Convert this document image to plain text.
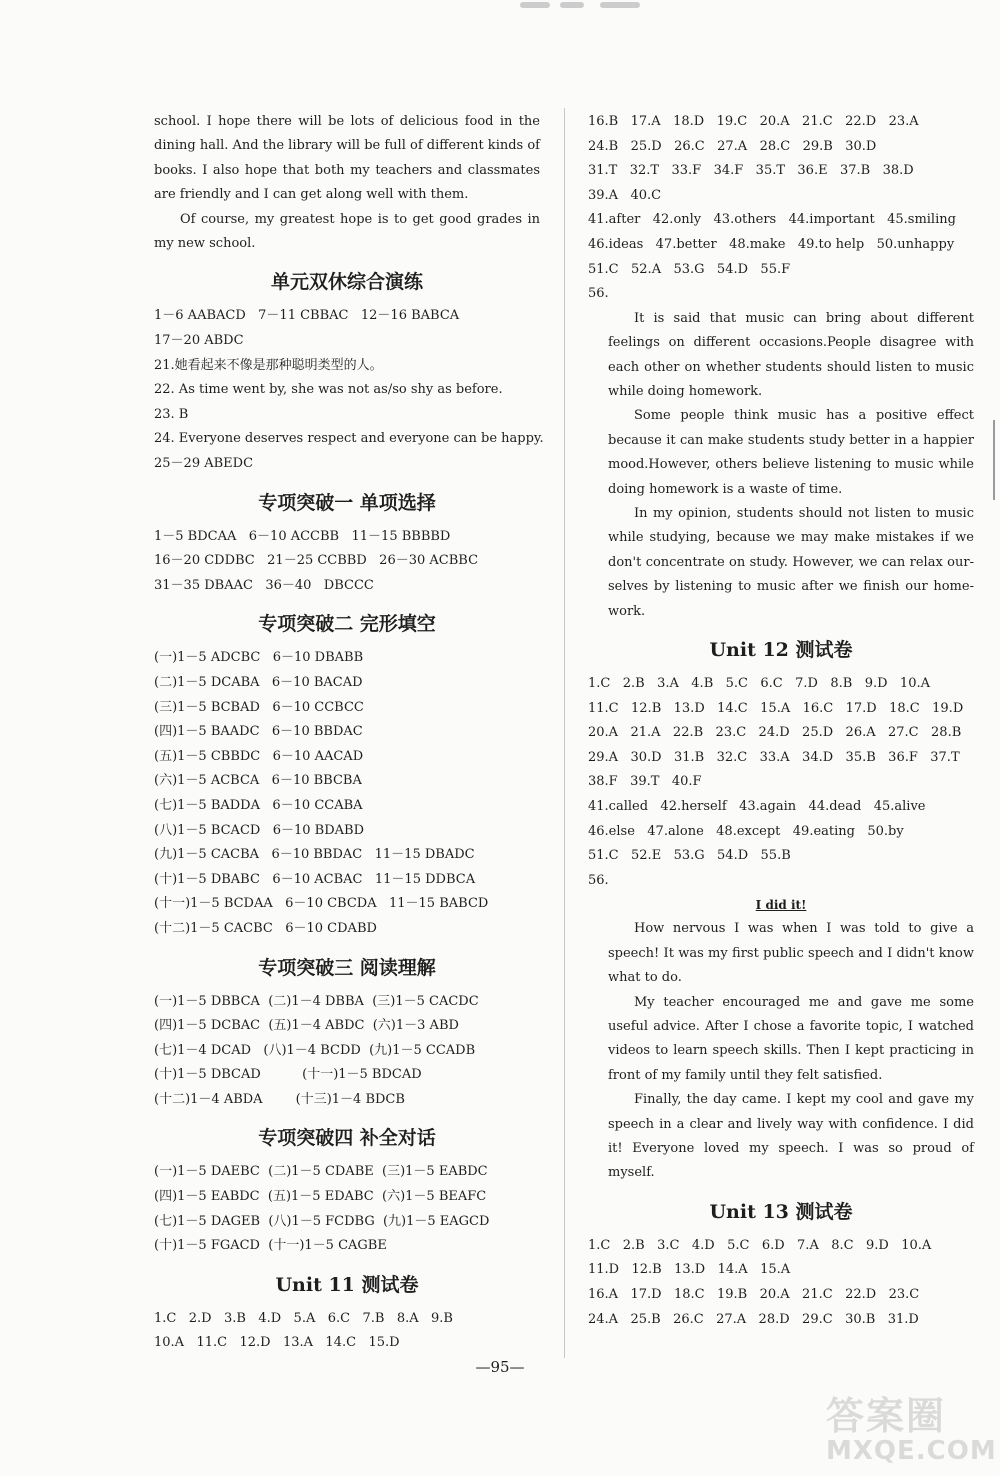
school. I hope there will be lots of delicious food in the dining hall. And the library will be full of different kinds of books. I also hope that both my teachers and classmates are friendly and I can get along well with them.
Of course, my greatest hope is to get good grades in my new school.
单元双休综合演练
1－6 AABACD   7－11 CBBAC   12－16 BABCA
17－20 ABDC
21.她看起来不像是那种聪明类型的人。
22. As time went by, she was not as/so shy as before.
23. B
24. Everyone deserves respect and everyone can be happy.
25－29 ABEDC
专项突破一 单项选择
1－5 BDCAA   6－10 ACCBB   11－15 BBBBD
16－20 CDDBC   21－25 CCBBD   26－30 ACBBC
31－35 DBAAC   36－40   DBCCC
专项突破二 完形填空
(一)1－5 ADCBC   6－10 DBABB
(二)1－5 DCABA   6－10 BACAD
(三)1－5 BCBAD   6－10 CCBCC
(四)1－5 BAADC   6－10 BBDAC
(五)1－5 CBBDC   6－10 AACAD
(六)1－5 ACBCA   6－10 BBCBA
(七)1－5 BADDA   6－10 CCABA
(八)1－5 BCACD   6－10 BDABD
(九)1－5 CACBA   6－10 BBDAC   11－15 DBADC
(十)1－5 DBABC   6－10 ACBAC   11－15 DDBCA
(十一)1－5 BCDAA   6－10 CBCDA   11－15 BABCD
(十二)1－5 CACBC   6－10 CDABD
专项突破三 阅读理解
(一)1－5 DBBCA  (二)1－4 DBBA  (三)1－5 CACDC
(四)1－5 DCBAC  (五)1－4 ABDC  (六)1－3 ABD
(七)1－4 DCAD   (八)1－4 BCDD  (九)1－5 CCADB
(十)1－5 DBCAD          (十一)1－5 BDCAD
(十二)1－4 ABDA        (十三)1－4 BDCB
专项突破四 补全对话
(一)1－5 DAEBC  (二)1－5 CDABE  (三)1－5 EABDC
(四)1－5 EABDC  (五)1－5 EDABC  (六)1－5 BEAFC
(七)1－5 DAGEB  (八)1－5 FCDBG  (九)1－5 EAGCD
(十)1－5 FGACD  (十一)1－5 CAGBE
Unit 11 测试卷
1.C   2.D   3.B   4.D   5.A   6.C   7.B   8.A   9.B
10.A   11.C   12.D   13.A   14.C   15.D
16.B   17.A   18.D   19.C   20.A   21.C   22.D   23.A
24.B   25.D   26.C   27.A   28.C   29.B   30.D
31.T   32.T   33.F   34.F   35.T   36.E   37.B   38.D
39.A   40.C
41.after   42.only   43.others   44.important   45.smiling
46.ideas   47.better   48.make   49.to help   50.unhappy
51.C   52.A   53.G   54.D   55.F
56.
It is said that music can bring about different feelings on different occasions.People disagree with each other on whether students should listen to music while doing homework.
Some people think music has a positive effect because it can make students study better in a happier mood.However, others believe listening to music while doing homework is a waste of time.
In my opinion, students should not listen to music while studying, because we may make mistakes if we don't concentrate on study. However, we can relax ourselves by listening to music after we finish our homework.
Unit 12 测试卷
1.C   2.B   3.A   4.B   5.C   6.C   7.D   8.B   9.D   10.A
11.C   12.B   13.D   14.C   15.A   16.C   17.D   18.C   19.D
20.A   21.A   22.B   23.C   24.D   25.D   26.A   27.C   28.B
29.A   30.D   31.B   32.C   33.A   34.D   35.B   36.F   37.T
38.F   39.T   40.F
41.called   42.herself   43.again   44.dead   45.alive
46.else   47.alone   48.except   49.eating   50.by
51.C   52.E   53.G   54.D   55.B
56.
I did it!
How nervous I was when I was told to give a speech! It was my first public speech and I didn't know what to do.
My teacher encouraged me and gave me some useful advice. After I chose a favorite topic, I watched videos to learn speech skills. Then I kept practicing in front of my family until they felt satisfied.
Finally, the day came. I kept my cool and gave my speech in a clear and lively way with confidence. I did it! Everyone loved my speech. I was so proud of myself.
Unit 13 测试卷
1.C   2.B   3.C   4.D   5.C   6.D   7.A   8.C   9.D   10.A
11.D   12.B   13.D   14.A   15.A
16.A   17.D   18.C   19.B   20.A   21.C   22.D   23.C
24.A   25.B   26.C   27.A   28.D   29.C   30.B   31.D
—95—
答案圈
MXQE.COM
